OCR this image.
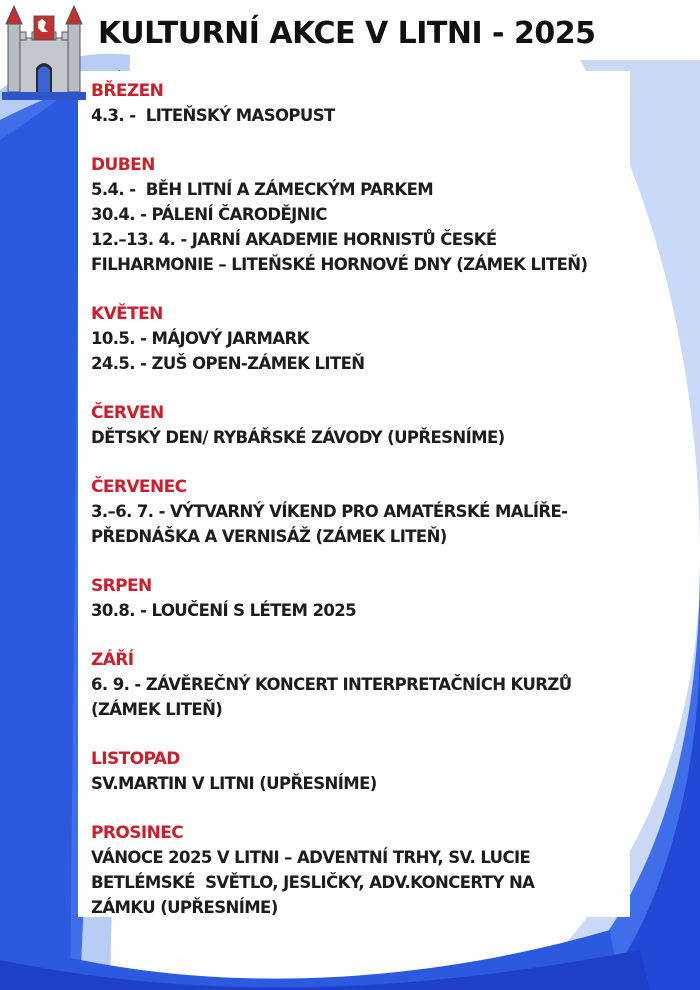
KULTURNÍ AKCE V LITNI - 2025
BŘEZEN
4.3. -  LITEŇSKÝ MASOPUST
DUBEN
5.4. -  BĚH LITNÍ A ZÁMECKÝM PARKEM
30.4. - PÁLENÍ ČARODĚJNIC
12.–13. 4. - JARNÍ AKADEMIE HORNISTŮ ČESKÉ
FILHARMONIE – LITEŇSKÉ HORNOVÉ DNY (ZÁMEK LITEŇ)
KVĚTEN
10.5. - MÁJOVÝ JARMARK
24.5. - ZUŠ OPEN-ZÁMEK LITEŇ
ČERVEN
DĚTSKÝ DEN/ RYBÁŘSKÉ ZÁVODY (UPŘESNÍME)
ČERVENEC
3.–6. 7. - VÝTVARNÝ VÍKEND PRO AMATÉRSKÉ MALÍŘE-
PŘEDNÁŠKA A VERNISÁŽ (ZÁMEK LITEŇ)
SRPEN
30.8. - LOUČENÍ S LÉTEM 2025
ZÁŘÍ
6. 9. - ZÁVĚREČNÝ KONCERT INTERPRETAČNÍCH KURZŮ
(ZÁMEK LITEŇ)
LISTOPAD
SV.MARTIN V LITNI (UPŘESNÍME)
PROSINEC
VÁNOCE 2025 V LITNI – ADVENTNÍ TRHY, SV. LUCIE
BETLÉMSKÉ  SVĚTLO, JESLIČKY, ADV.KONCERTY NA
ZÁMKU (UPŘESNÍME)
